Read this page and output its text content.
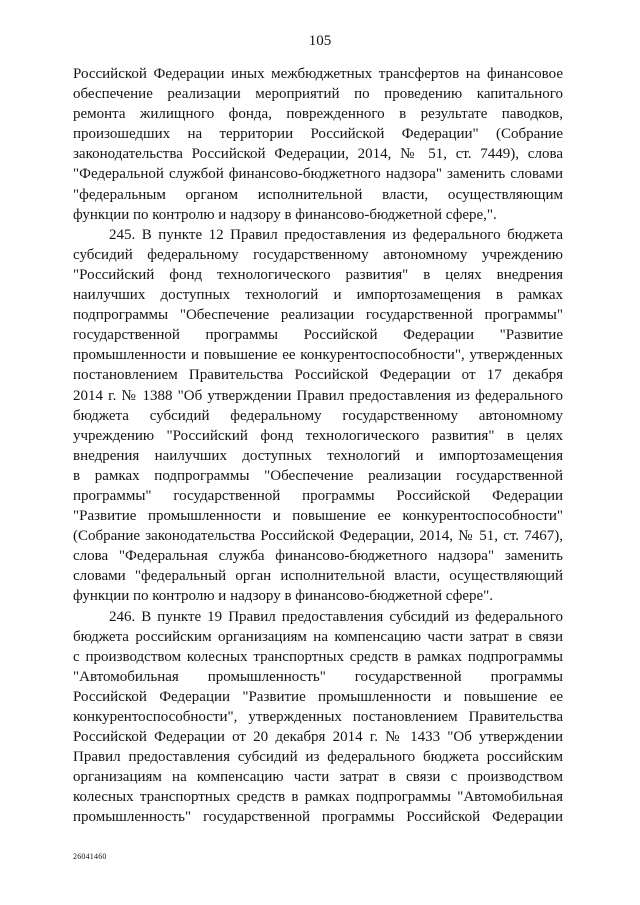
105
Российской Федерации иных межбюджетных трансфертов на финансовое
обеспечение реализации мероприятий по проведению капитального
ремонта жилищного фонда, поврежденного в результате паводков,
произошедших на территории Российской Федерации" (Собрание
законодательства Российской Федерации, 2014, № 51, ст. 7449), слова
"Федеральной службой финансово-бюджетного надзора" заменить словами
"федеральным органом исполнительной власти, осуществляющим
функции по контролю и надзору в финансово-бюджетной сфере,".
245. В пункте 12 Правил предоставления из федерального бюджета
субсидий федеральному государственному автономному учреждению
"Российский фонд технологического развития" в целях внедрения
наилучших доступных технологий и импортозамещения в рамках
подпрограммы "Обеспечение реализации государственной программы"
государственной программы Российской Федерации "Развитие
промышленности и повышение ее конкурентоспособности", утвержденных
постановлением Правительства Российской Федерации от 17 декабря
2014 г. № 1388 "Об утверждении Правил предоставления из федерального
бюджета субсидий федеральному государственному автономному
учреждению "Российский фонд технологического развития" в целях
внедрения наилучших доступных технологий и импортозамещения
в рамках подпрограммы "Обеспечение реализации государственной
программы" государственной программы Российской Федерации
"Развитие промышленности и повышение ее конкурентоспособности"
(Собрание законодательства Российской Федерации, 2014, № 51, ст. 7467),
слова "Федеральная служба финансово-бюджетного надзора" заменить
словами "федеральный орган исполнительной власти, осуществляющий
функции по контролю и надзору в финансово-бюджетной сфере".
246. В пункте 19 Правил предоставления субсидий из федерального
бюджета российским организациям на компенсацию части затрат в связи
с производством колесных транспортных средств в рамках подпрограммы
"Автомобильная промышленность" государственной программы
Российской Федерации "Развитие промышленности и повышение ее
конкурентоспособности", утвержденных постановлением Правительства
Российской Федерации от 20 декабря 2014 г. № 1433 "Об утверждении
Правил предоставления субсидий из федерального бюджета российским
организациям на компенсацию части затрат в связи с производством
колесных транспортных средств в рамках подпрограммы "Автомобильная
промышленность" государственной программы Российской Федерации
26041460
